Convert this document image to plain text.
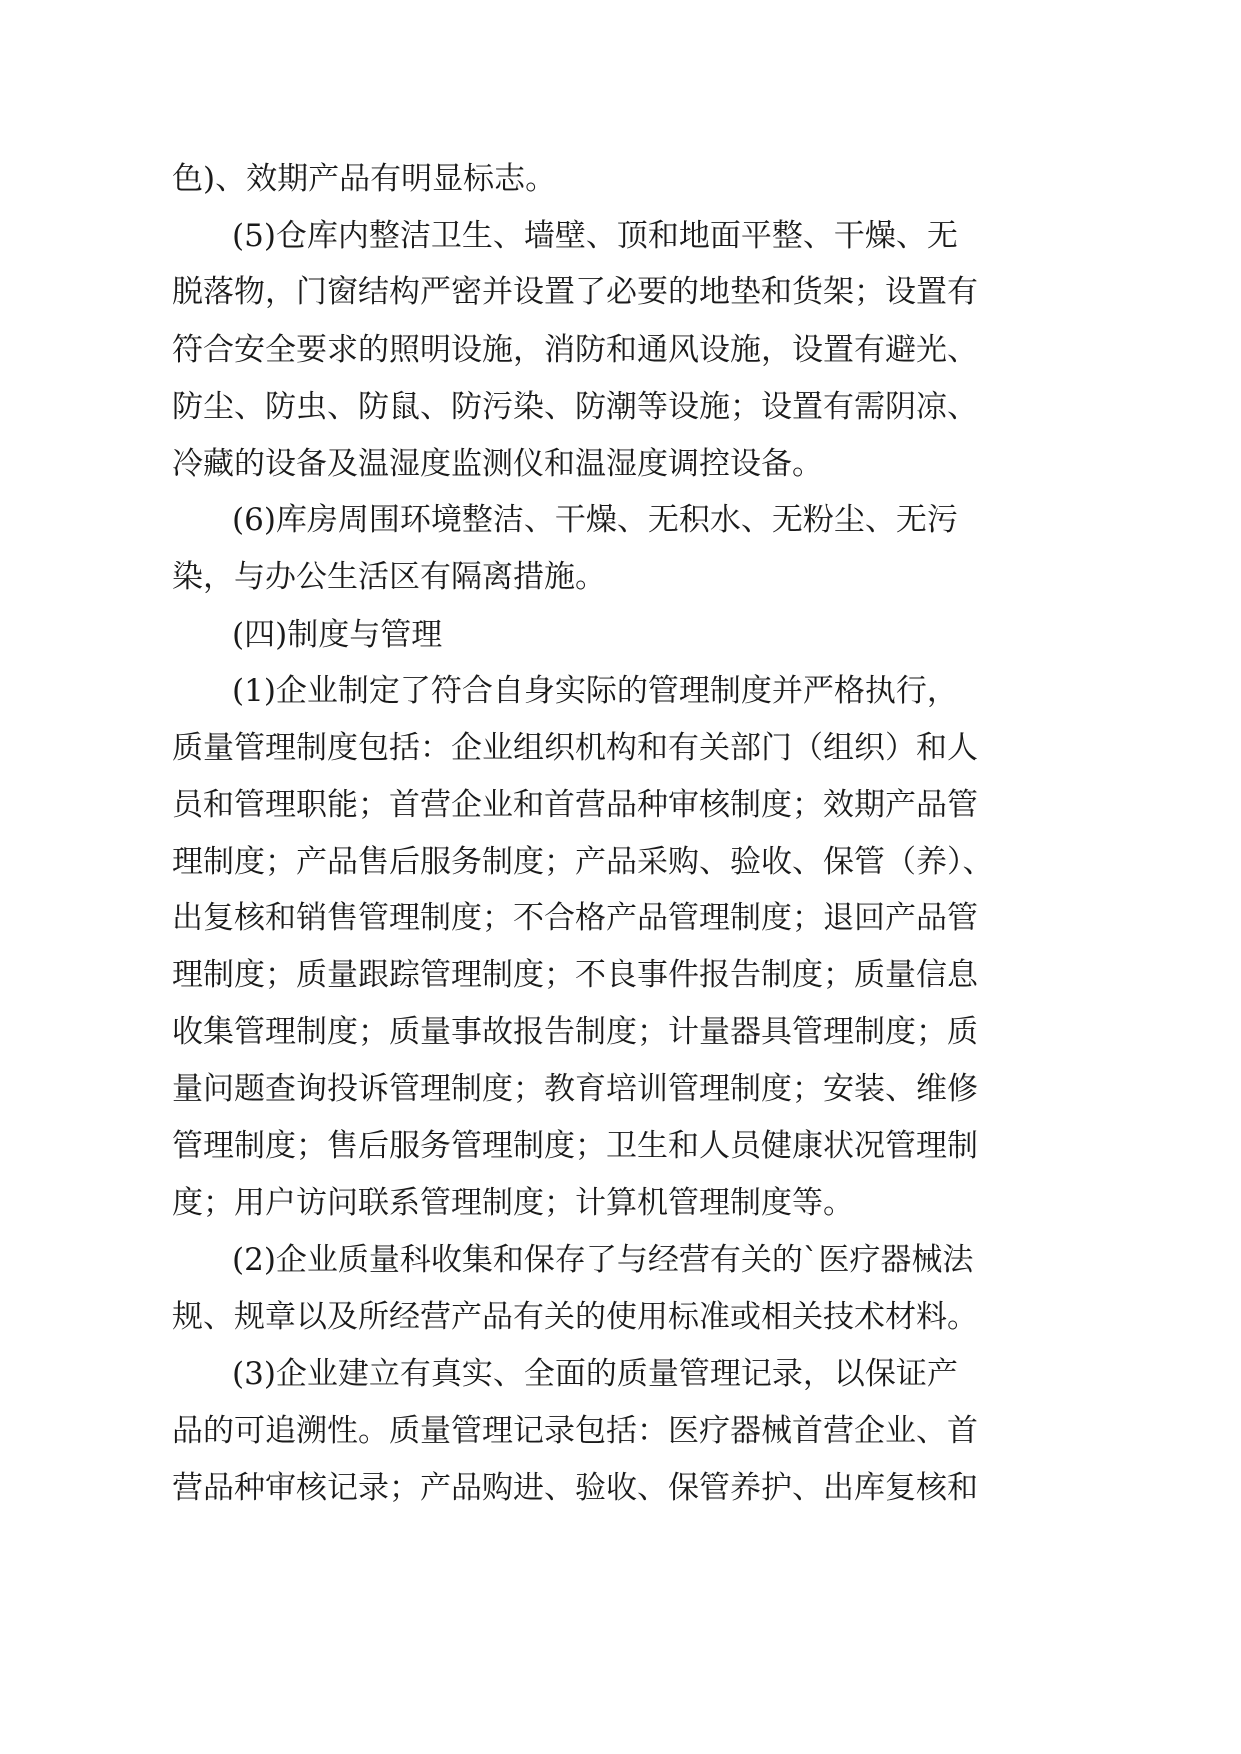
色)、效期产品有明显标志。
(5)仓库内整洁卫生、墙壁、顶和地面平整、干燥、无
脱落物，门窗结构严密并设置了必要的地垫和货架；设置有
符合安全要求的照明设施，消防和通风设施，设置有避光、
防尘、防虫、防鼠、防污染、防潮等设施；设置有需阴凉、
冷藏的设备及温湿度监测仪和温湿度调控设备。
(6)库房周围环境整洁、干燥、无积水、无粉尘、无污
染，与办公生活区有隔离措施。
(四)制度与管理
(1)企业制定了符合自身实际的管理制度并严格执行，
质量管理制度包括：企业组织机构和有关部门（组织）和人
员和管理职能；首营企业和首营品种审核制度；效期产品管
理制度；产品售后服务制度；产品采购、验收、保管（养）、
出复核和销售管理制度；不合格产品管理制度；退回产品管
理制度；质量跟踪管理制度；不良事件报告制度；质量信息
收集管理制度；质量事故报告制度；计量器具管理制度；质
量问题查询投诉管理制度；教育培训管理制度；安装、维修
管理制度；售后服务管理制度；卫生和人员健康状况管理制
度；用户访问联系管理制度；计算机管理制度等。
(2)企业质量科收集和保存了与经营有关的`医疗器械法
规、规章以及所经营产品有关的使用标准或相关技术材料。
(3)企业建立有真实、全面的质量管理记录，以保证产
品的可追溯性。质量管理记录包括：医疗器械首营企业、首
营品种审核记录；产品购进、验收、保管养护、出库复核和
